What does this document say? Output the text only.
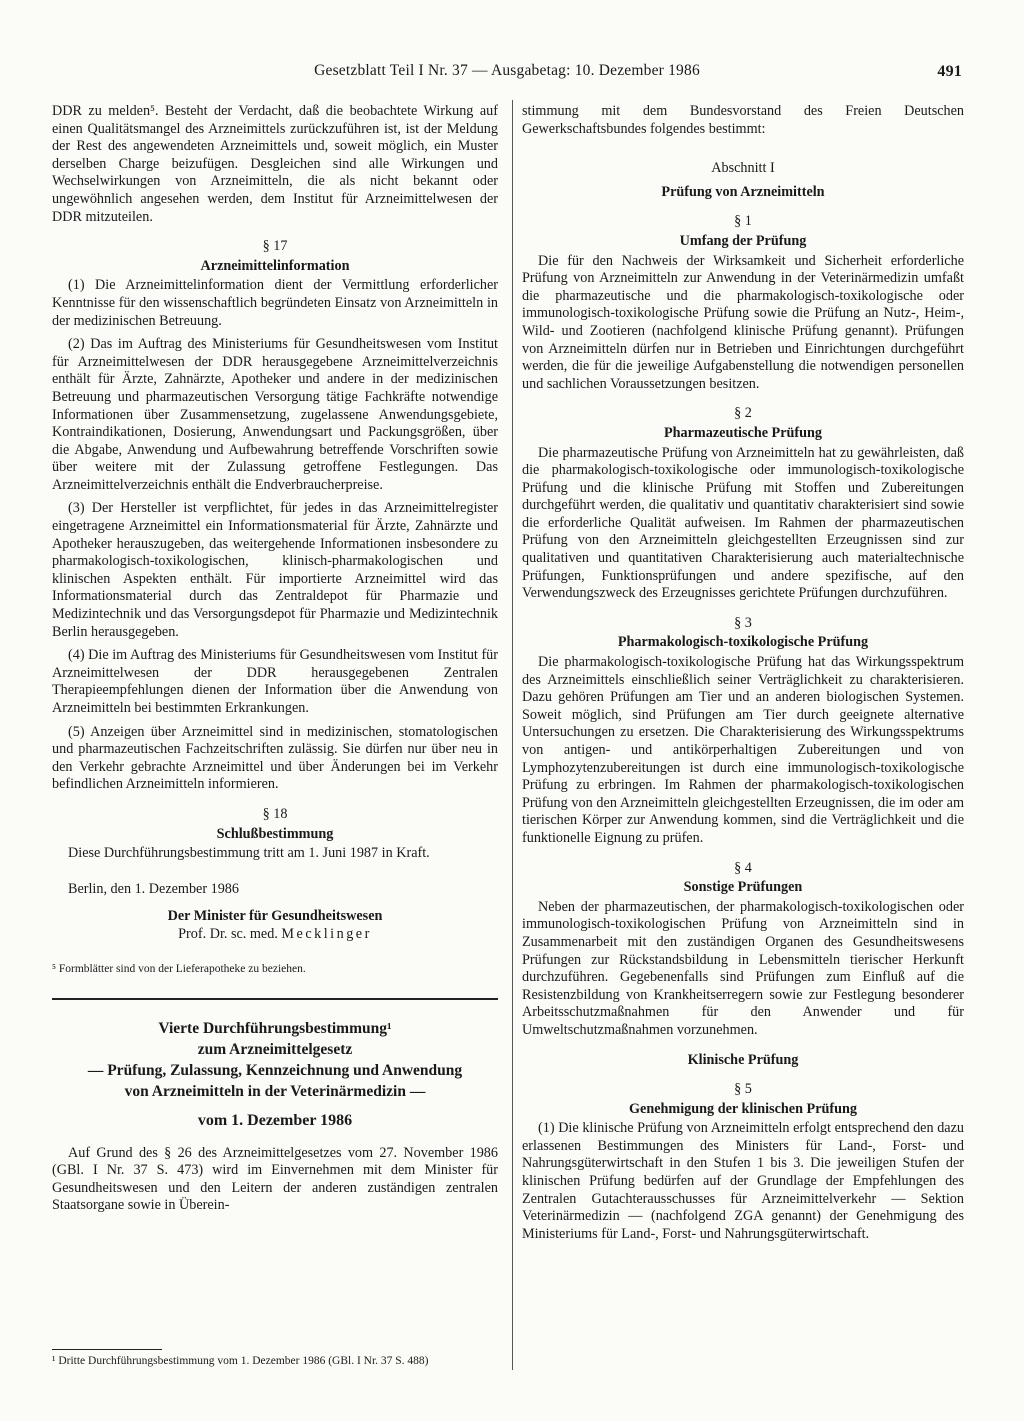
Gesetzblatt Teil I Nr. 37 — Ausgabetag: 10. Dezember 1986	491

DDR zu melden⁵. Besteht der Verdacht, daß die beobachtete Wirkung auf einen Qualitätsmangel des Arzneimittels zurückzuführen ist, ist der Meldung der Rest des angewendeten Arzneimittels und, soweit möglich, ein Muster derselben Charge beizufügen. Desgleichen sind alle Wirkungen und Wechselwirkungen von Arzneimitteln, die als nicht bekannt oder ungewöhnlich angesehen werden, dem Institut für Arzneimittelwesen der DDR mitzuteilen.

§ 17
Arzneimittelinformation

(1) Die Arzneimittelinformation dient der Vermittlung erforderlicher Kenntnisse für den wissenschaftlich begründeten Einsatz von Arzneimitteln in der medizinischen Betreuung.

(2) Das im Auftrag des Ministeriums für Gesundheitswesen vom Institut für Arzneimittelwesen der DDR herausgegebene Arzneimittelverzeichnis enthält für Ärzte, Zahnärzte, Apotheker und andere in der medizinischen Betreuung und pharmazeutischen Versorgung tätige Fachkräfte notwendige Informationen über Zusammensetzung, zugelassene Anwendungsgebiete, Kontraindikationen, Dosierung, Anwendungsart und Packungsgrößen, über die Abgabe, Anwendung und Aufbewahrung betreffende Vorschriften sowie über weitere mit der Zulassung getroffene Festlegungen. Das Arzneimittelverzeichnis enthält die Endverbraucherpreise.

(3) Der Hersteller ist verpflichtet, für jedes in das Arzneimittelregister eingetragene Arzneimittel ein Informationsmaterial für Ärzte, Zahnärzte und Apotheker herauszugeben, das weitergehende Informationen insbesondere zu pharmakologisch-toxikologischen, klinisch-pharmakologischen und klinischen Aspekten enthält. Für importierte Arzneimittel wird das Informationsmaterial durch das Zentraldepot für Pharmazie und Medizintechnik und das Versorgungsdepot für Pharmazie und Medizintechnik Berlin herausgegeben.

(4) Die im Auftrag des Ministeriums für Gesundheitswesen vom Institut für Arzneimittelwesen der DDR herausgegebenen Zentralen Therapieempfehlungen dienen der Information über die Anwendung von Arzneimitteln bei bestimmten Erkrankungen.

(5) Anzeigen über Arzneimittel sind in medizinischen, stomatologischen und pharmazeutischen Fachzeitschriften zulässig. Sie dürfen nur über neu in den Verkehr gebrachte Arzneimittel und über Änderungen bei im Verkehr befindlichen Arzneimitteln informieren.

§ 18
Schlußbestimmung

Diese Durchführungsbestimmung tritt am 1. Juni 1987 in Kraft.

Berlin, den 1. Dezember 1986

Der Minister für Gesundheitswesen

Prof. Dr. sc. med. Mecklinger

⁵ Formblätter sind von der Lieferapotheke zu beziehen.

Vierte Durchführungsbestimmung¹

zum Arzneimittelgesetz

— Prüfung, Zulassung, Kennzeichnung und Anwendung

von Arzneimitteln in der Veterinärmedizin —

vom 1. Dezember 1986

Auf Grund des § 26 des Arzneimittelgesetzes vom 27. November 1986 (GBl. I Nr. 37 S. 473) wird im Einvernehmen mit dem Minister für Gesundheitswesen und den Leitern der anderen zuständigen zentralen Staatsorgane sowie in Überein-

¹ Dritte Durchführungsbestimmung vom 1. Dezember 1986 (GBl. I Nr. 37 S. 488)

stimmung mit dem Bundesvorstand des Freien Deutschen Gewerkschaftsbundes folgendes bestimmt:

Abschnitt I
Prüfung von Arzneimitteln
§ 1
Umfang der Prüfung

Die für den Nachweis der Wirksamkeit und Sicherheit erforderliche Prüfung von Arzneimitteln zur Anwendung in der Veterinärmedizin umfaßt die pharmazeutische und die pharmakologisch-toxikologische oder immunologisch-toxikologische Prüfung sowie die Prüfung an Nutz-, Heim-, Wild- und Zootieren (nachfolgend klinische Prüfung genannt). Prüfungen von Arzneimitteln dürfen nur in Betrieben und Einrichtungen durchgeführt werden, die für die jeweilige Aufgabenstellung die notwendigen personellen und sachlichen Voraussetzungen besitzen.

§ 2
Pharmazeutische Prüfung

Die pharmazeutische Prüfung von Arzneimitteln hat zu gewährleisten, daß die pharmakologisch-toxikologische oder immunologisch-toxikologische Prüfung und die klinische Prüfung mit Stoffen und Zubereitungen durchgeführt werden, die qualitativ und quantitativ charakterisiert sind sowie die erforderliche Qualität aufweisen. Im Rahmen der pharmazeutischen Prüfung von den Arzneimitteln gleichgestellten Erzeugnissen sind zur qualitativen und quantitativen Charakterisierung auch materialtechnische Prüfungen, Funktionsprüfungen und andere spezifische, auf den Verwendungszweck des Erzeugnisses gerichtete Prüfungen durchzuführen.

§ 3
Pharmakologisch-toxikologische Prüfung

Die pharmakologisch-toxikologische Prüfung hat das Wirkungsspektrum des Arzneimittels einschließlich seiner Verträglichkeit zu charakterisieren. Dazu gehören Prüfungen am Tier und an anderen biologischen Systemen. Soweit möglich, sind Prüfungen am Tier durch geeignete alternative Untersuchungen zu ersetzen. Die Charakterisierung des Wirkungsspektrums von antigen- und antikörperhaltigen Zubereitungen und von Lymphozytenzubereitungen ist durch eine immunologisch-toxikologische Prüfung zu erbringen. Im Rahmen der pharmakologisch-toxikologischen Prüfung von den Arzneimitteln gleichgestellten Erzeugnissen, die im oder am tierischen Körper zur Anwendung kommen, sind die Verträglichkeit und die funktionelle Eignung zu prüfen.

§ 4
Sonstige Prüfungen

Neben der pharmazeutischen, der pharmakologisch-toxikologischen oder immunologisch-toxikologischen Prüfung von Arzneimitteln sind in Zusammenarbeit mit den zuständigen Organen des Gesundheitswesens Prüfungen zur Rückstandsbildung in Lebensmitteln tierischer Herkunft durchzuführen. Gegebenenfalls sind Prüfungen zum Einfluß auf die Resistenzbildung von Krankheitserregern sowie zur Festlegung besonderer Arbeitsschutzmaßnahmen für den Anwender und für Umweltschutzmaßnahmen vorzunehmen.

Klinische Prüfung
§ 5
Genehmigung der klinischen Prüfung

(1) Die klinische Prüfung von Arzneimitteln erfolgt entsprechend den dazu erlassenen Bestimmungen des Ministers für Land-, Forst- und Nahrungsgüterwirtschaft in den Stufen 1 bis 3. Die jeweiligen Stufen der klinischen Prüfung bedürfen auf der Grundlage der Empfehlungen des Zentralen Gutachterausschusses für Arzneimittelverkehr — Sektion Veterinärmedizin — (nachfolgend ZGA genannt) der Genehmigung des Ministeriums für Land-, Forst- und Nahrungsgüterwirtschaft.
